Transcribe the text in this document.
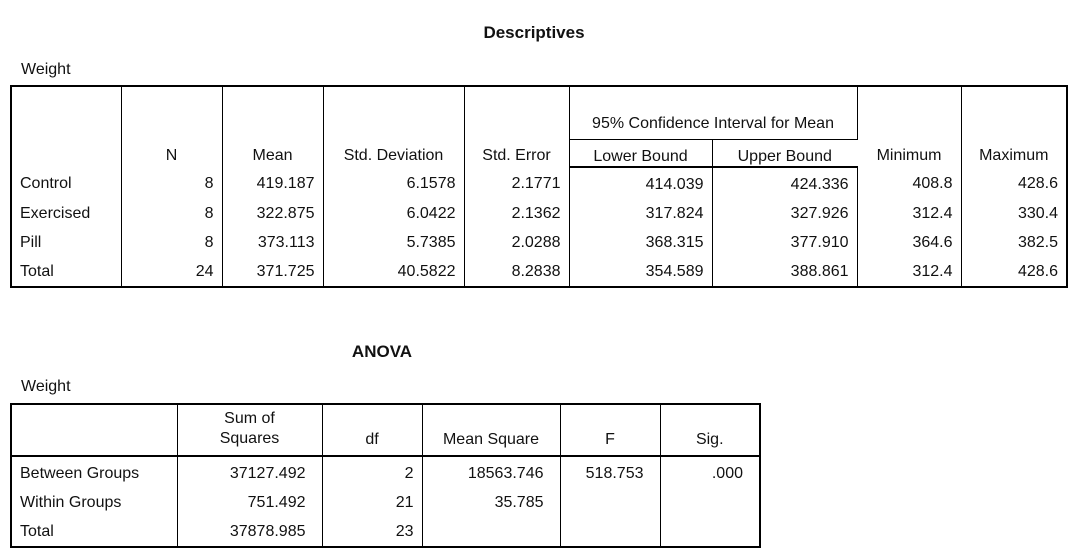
Descriptives
Weight
	N	Mean	Std. Deviation	Std. Error	95% Confidence Interval for Mean		Minimum	Maximum
					Lower Bound	Upper Bound		
Control	8	419.187	6.1578	2.1771	414.039	424.336	408.8	428.6
Exercised	8	322.875	6.0422	2.1362	317.824	327.926	312.4	330.4
Pill	8	373.113	5.7385	2.0288	368.315	377.910	364.6	382.5
Total	24	371.725	40.5822	8.2838	354.589	388.861	312.4	428.6
ANOVA
Weight
	Sum of Squares	df	Mean Square	F	Sig.
Between Groups	37127.492	2	18563.746	518.753	.000
Within Groups	751.492	21	35.785		
Total	37878.985	23			
